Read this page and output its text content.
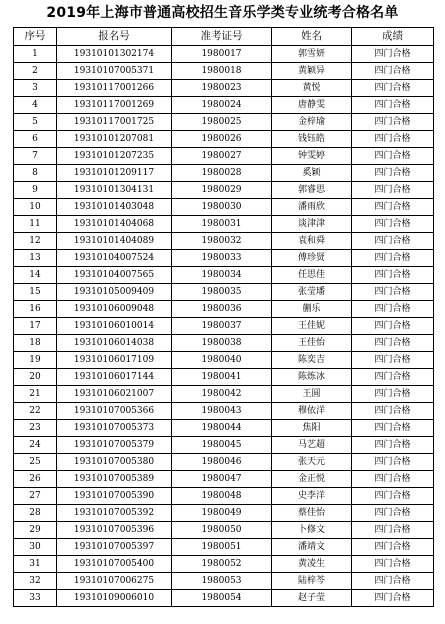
2019年上海市普通高校招生音乐学类专业统考合格名单
序号	报名号	准考证号	姓名	成绩
1	19310101302174	1980017	郭雪妍	四门合格
2	19310107005371	1980018	黄颖异	四门合格
3	19310117001266	1980023	黄悦	四门合格
4	19310117001269	1980024	唐静雯	四门合格
5	19310117001725	1980025	金梓瑜	四门合格
6	19310101207081	1980026	钱钰皓	四门合格
7	19310101207235	1980027	钟雯婷	四门合格
8	19310101209117	1980028	奚颖	四门合格
9	19310101304131	1980029	郭睿思	四门合格
10	19310101403048	1980030	潘雨欣	四门合格
11	19310101404068	1980031	谈津津	四门合格
12	19310101404089	1980032	袁和舜	四门合格
13	19310104007524	1980033	傅珍贤	四门合格
14	19310104007565	1980034	任思佳	四门合格
15	19310105009409	1980035	张莹璠	四门合格
16	19310106009048	1980036	蒯乐	四门合格
17	19310106010014	1980037	王佳妮	四门合格
18	19310106014038	1980038	王佳怡	四门合格
19	19310106017109	1980040	陈奕吉	四门合格
20	19310106017144	1980041	陈炼冰	四门合格
21	19310106021007	1980042	王圆	四门合格
22	19310107005366	1980043	穆依洋	四门合格
23	19310107005373	1980044	焦阳	四门合格
24	19310107005379	1980045	马艺超	四门合格
25	19310107005380	1980046	张天元	四门合格
26	19310107005389	1980047	金正悦	四门合格
27	19310107005390	1980048	史李洋	四门合格
28	19310107005392	1980049	蔡佳怡	四门合格
29	19310107005396	1980050	卜修文	四门合格
30	19310107005397	1980051	潘靖文	四门合格
31	19310107005400	1980052	黄凌生	四门合格
32	19310107006275	1980053	陆梓芩	四门合格
33	19310109006010	1980054	赵子莹	四门合格
